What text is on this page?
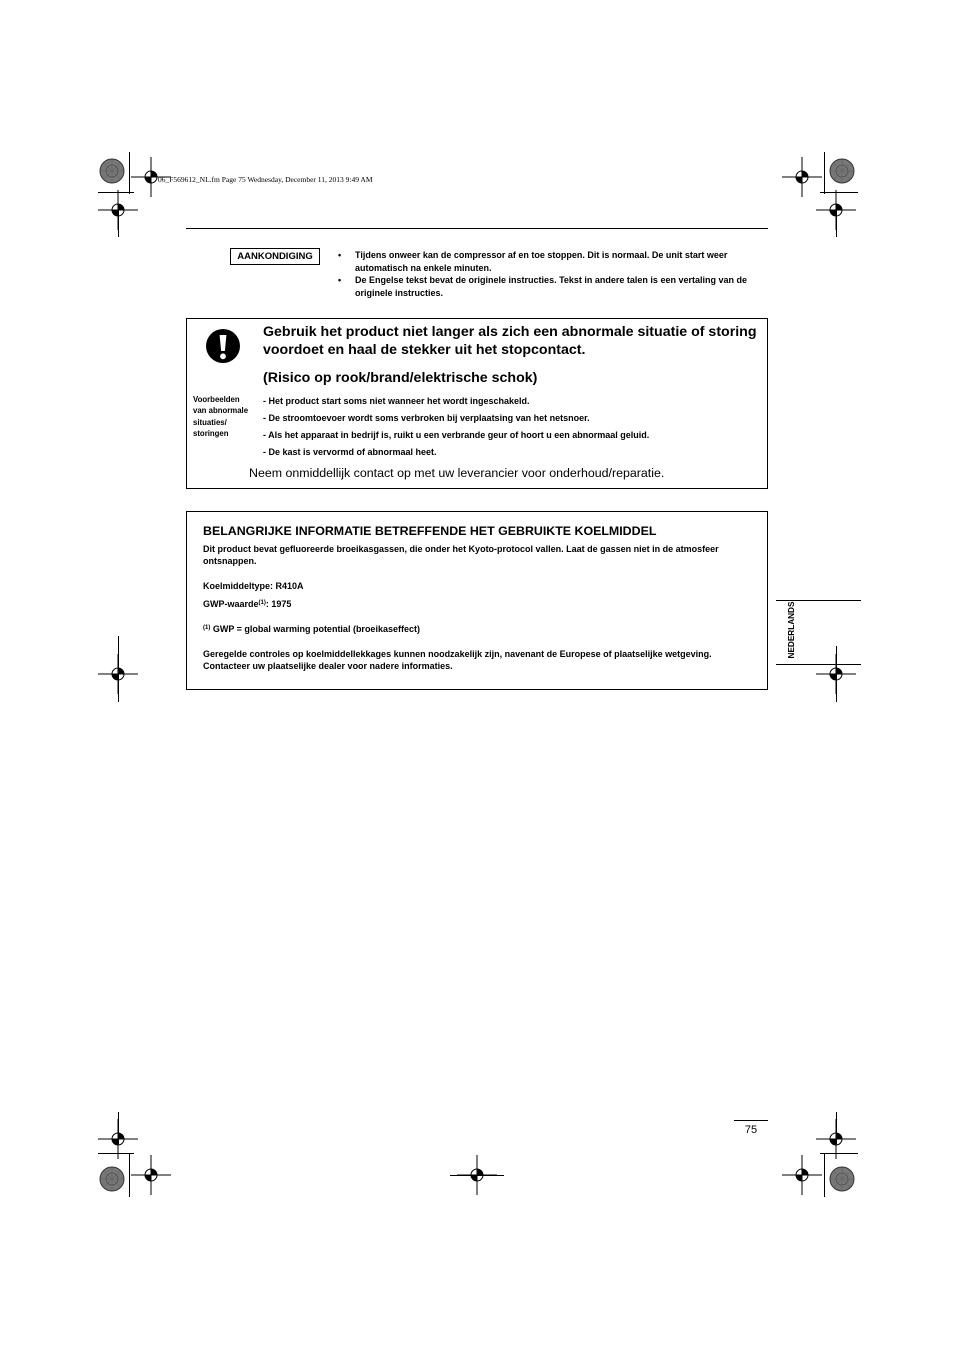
06_F569612_NL.fm Page 75 Wednesday, December 11, 2013 9:49 AM
AANKONDIGING	• Tijdens onweer kan de compressor af en toe stoppen. Dit is normaal. De unit start weer automatisch na enkele minuten.
• De Engelse tekst bevat de originele instructies. Tekst in andere talen is een vertaling van de originele instructies.
Gebruik het product niet langer als zich een abnormale situatie of storing voordoet en haal de stekker uit het stopcontact.
(Risico op rook/brand/elektrische schok)
Voorbeelden van abnormale situaties/ storingen
- Het product start soms niet wanneer het wordt ingeschakeld.
- De stroomtoevoer wordt soms verbroken bij verplaatsing van het netsnoer.
- Als het apparaat in bedrijf is, ruikt u een verbrande geur of hoort u een abnormaal geluid.
- De kast is vervormd of abnormaal heet.
Neem onmiddellijk contact op met uw leverancier voor onderhoud/reparatie.
BELANGRIJKE INFORMATIE BETREFFENDE HET GEBRUIKTE KOELMIDDEL
Dit product bevat gefluoreerde broeikasgassen, die onder het Kyoto-protocol vallen. Laat de gassen niet in de atmosfeer ontsnappen.
Koelmiddeltype: R410A
GWP-waarde$^{(1)}$: 1975
$^{(1)}$ GWP = global warming potential (broeikaseffect)
Geregelde controles op koelmiddellekkages kunnen noodzakelijk zijn, navenant de Europese of plaatselijke wetgeving. Contacteer uw plaatselijke dealer voor nadere informaties.
NEDERLANDS
75
